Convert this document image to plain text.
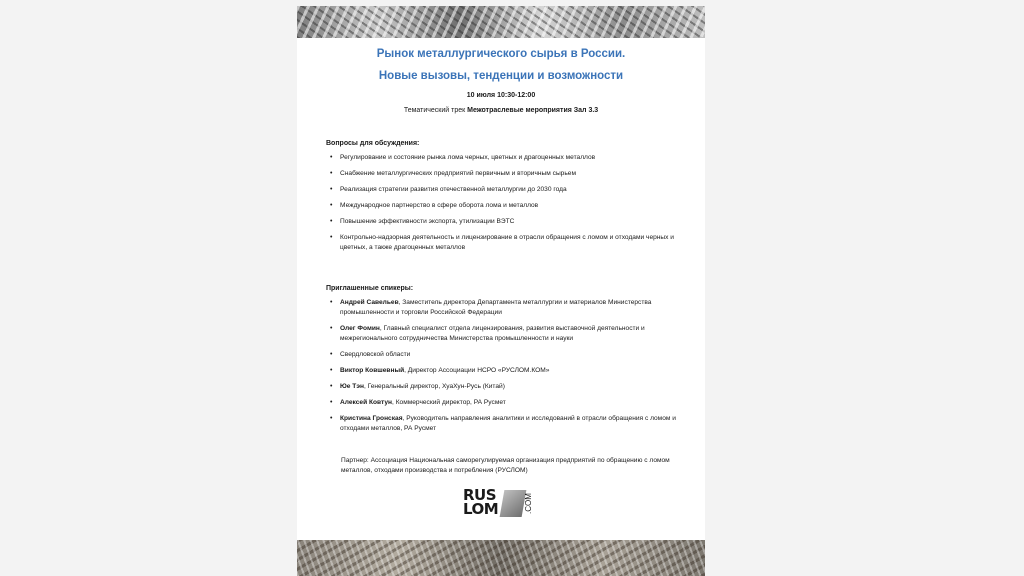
Рынок металлургического сырья в России.
Новые вызовы, тенденции и возможности
10 июля 10:30-12:00
Тематический трек Межотраслевые мероприятия Зал 3.3
Вопросы для обсуждения:
• Регулирование и состояние рынка лома черных, цветных и драгоценных металлов
• Снабжение металлургических предприятий первичным и вторичным сырьем
• Реализация стратегии развития отечественной металлургии до 2030 года
• Международное партнерство в сфере оборота лома и металлов
• Повышение эффективности экспорта, утилизации ВЭТС
• Контрольно-надзорная деятельность и лицензирование в отрасли обращения с ломом и отходами черных и цветных, а также драгоценных металлов
Приглашенные спикеры:
• Андрей Савельев, Заместитель директора Департамента металлургии и материалов Министерства промышленности и торговли Российской Федерации
• Олег Фомин, Главный специалист отдела лицензирования, развития выставочной деятельности и межрегионального сотрудничества Министерства промышленности и науки
• Свердловской области
• Виктор Ковшевный, Директор Ассоциации НСРО «РУСЛОМ.КОМ»
• Юе Тэн, Генеральный директор, ХуаХун-Русь (Китай)
• Алексей Ковтун, Коммерческий директор, РА Русмет
• Кристина Гронская, Руководитель направления аналитики и исследований в отрасли обращения с ломом и отходами металлов, РА Русмет
Партнер: Ассоциация Национальная саморегулируемая организация предприятий по обращению с ломом металлов, отходами производства и потребления (РУСЛОМ)
RUS
LOM	.COM
